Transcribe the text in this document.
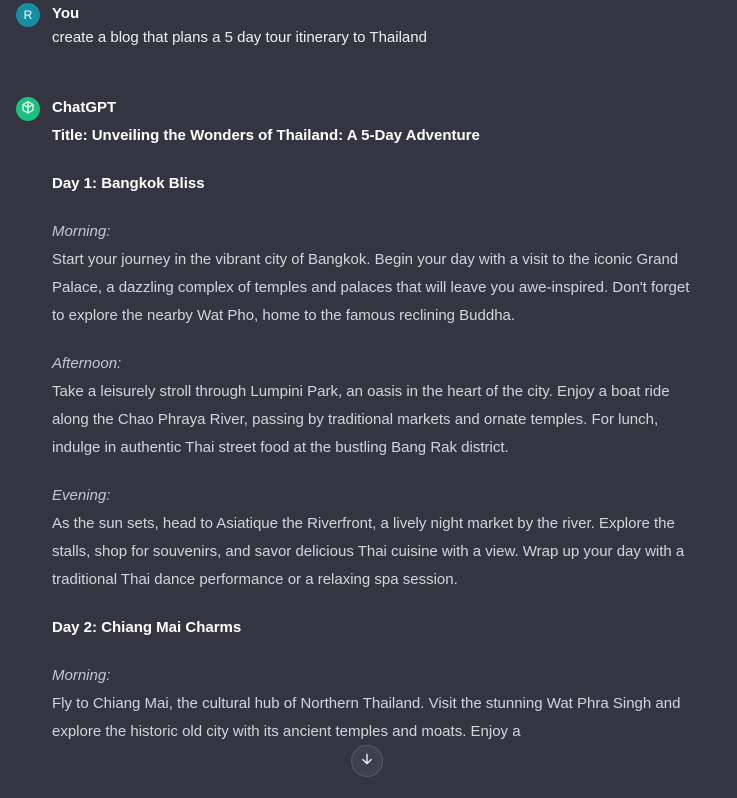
R You
create a blog that plans a 5 day tour itinerary to Thailand
ChatGPT

Title: Unveiling the Wonders of Thailand: A 5-Day Adventure

Day 1: Bangkok Bliss

Morning:

Start your journey in the vibrant city of Bangkok. Begin your day with a visit to the iconic Grand Palace, a dazzling complex of temples and palaces that will leave you awe-inspired. Don't forget to explore the nearby Wat Pho, home to the famous reclining Buddha.

Afternoon:

Take a leisurely stroll through Lumpini Park, an oasis in the heart of the city. Enjoy a boat ride along the Chao Phraya River, passing by traditional markets and ornate temples. For lunch, indulge in authentic Thai street food at the bustling Bang Rak district.

Evening:

As the sun sets, head to Asiatique the Riverfront, a lively night market by the river. Explore the stalls, shop for souvenirs, and savor delicious Thai cuisine with a view. Wrap up your day with a traditional Thai dance performance or a relaxing spa session.

Day 2: Chiang Mai Charms

Morning:

Fly to Chiang Mai, the cultural hub of Northern Thailand. Visit the stunning Wat Phra Singh and explore the historic old city with its ancient temples and moats. Enjoy a
